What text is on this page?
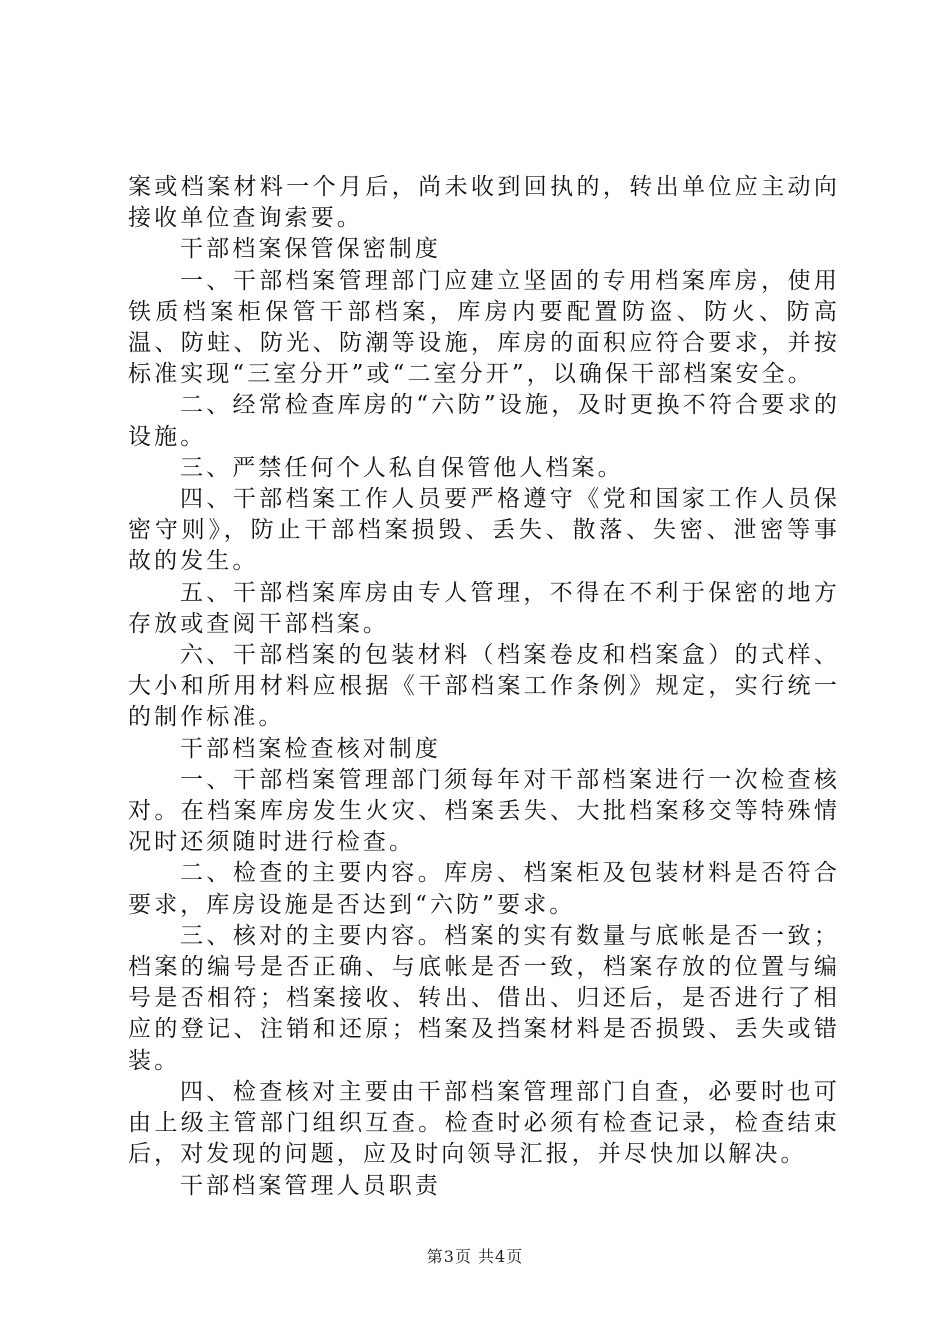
案或档案材料一个月后，尚未收到回执的，转出单位应主动向接收单位查询索要。

干部档案保管保密制度

一、干部档案管理部门应建立坚固的专用档案库房，使用铁质档案柜保管干部档案，库房内要配置防盗、防火、防高温、防蛀、防光、防潮等设施，库房的面积应符合要求，并按标准实现“三室分开”或“二室分开”，以确保干部档案安全。

二、经常检查库房的“六防”设施，及时更换不符合要求的设施。

三、严禁任何个人私自保管他人档案。

四、干部档案工作人员要严格遵守《党和国家工作人员保密守则》，防止干部档案损毁、丢失、散落、失密、泄密等事故的发生。

五、干部档案库房由专人管理，不得在不利于保密的地方存放或查阅干部档案。

六、干部档案的包装材料（档案卷皮和档案盒）的式样、大小和所用材料应根据《干部档案工作条例》规定，实行统一的制作标准。

干部档案检查核对制度

一、干部档案管理部门须每年对干部档案进行一次检查核对。在档案库房发生火灾、档案丢失、大批档案移交等特殊情况时还须随时进行检查。

二、检查的主要内容。库房、档案柜及包装材料是否符合要求，库房设施是否达到“六防”要求。

三、核对的主要内容。档案的实有数量与底帐是否一致；档案的编号是否正确、与底帐是否一致，档案存放的位置与编号是否相符；档案接收、转出、借出、归还后，是否进行了相应的登记、注销和还原；档案及挡案材料是否损毁、丢失或错装。

四、检查核对主要由干部档案管理部门自查，必要时也可由上级主管部门组织互查。检查时必须有检查记录，检查结束后，对发现的问题，应及时向领导汇报，并尽快加以解决。

干部档案管理人员职责

第3页 共4页
